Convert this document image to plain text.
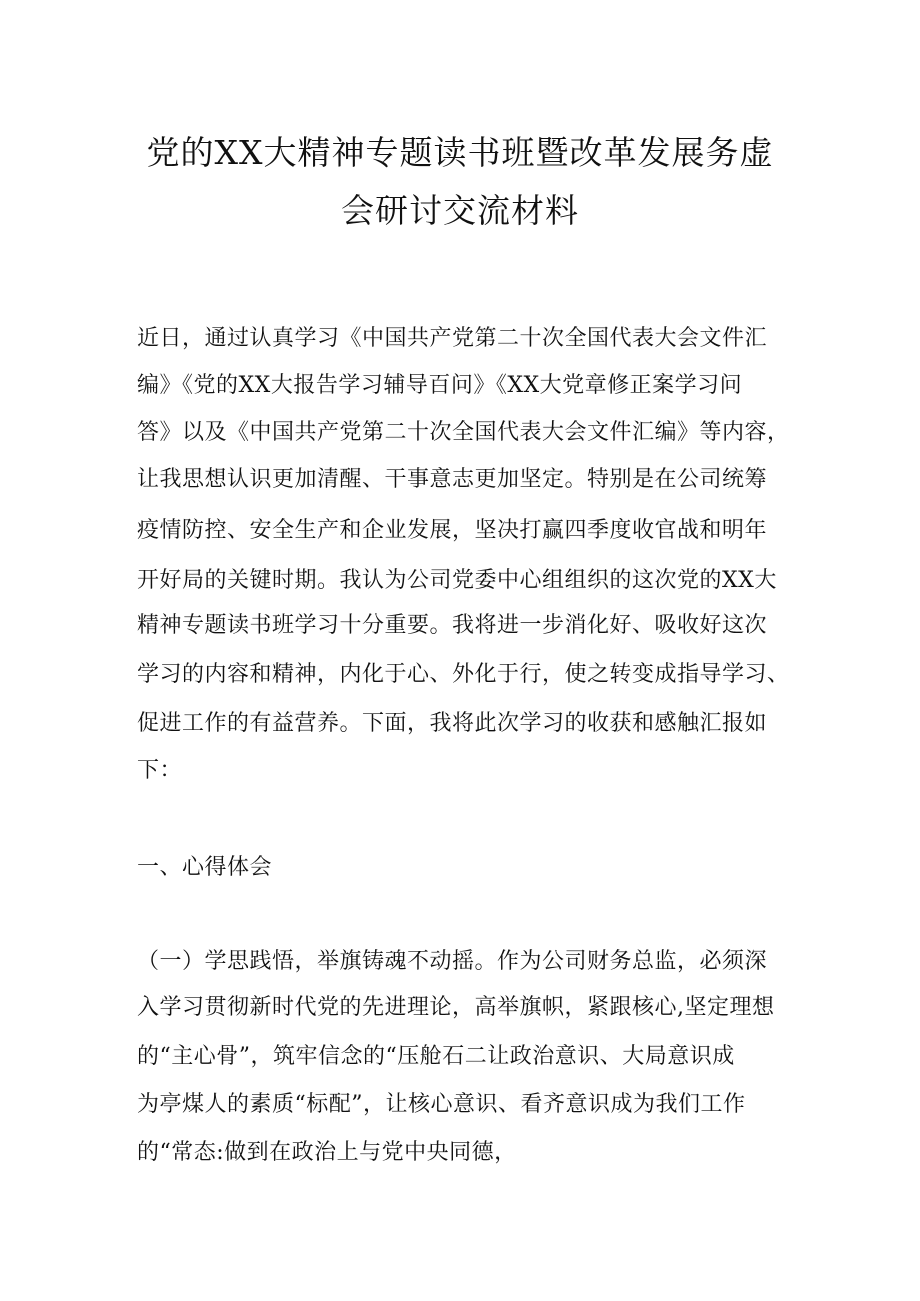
党的XX大精神专题读书班暨改革发展务虚
会研讨交流材料
近日，通过认真学习《中国共产党第二十次全国代表大会文件汇
编》《党的XX大报告学习辅导百问》《XX大党章修正案学习问
答》以及《中国共产党第二十次全国代表大会文件汇编》等内容，
让我思想认识更加清醒、干事意志更加坚定。特别是在公司统筹
疫情防控、安全生产和企业发展，坚决打赢四季度收官战和明年
开好局的关键时期。我认为公司党委中心组组织的这次党的XX大
精神专题读书班学习十分重要。我将进一步消化好、吸收好这次
学习的内容和精神，内化于心、外化于行，使之转变成指导学习、
促进工作的有益营养。下面，我将此次学习的收获和感触汇报如
下：
一、心得体会
（一）学思践悟，举旗铸魂不动摇。作为公司财务总监，必须深
入学习贯彻新时代党的先进理论，高举旗帜，紧跟核心,坚定理想
的“主心骨”，筑牢信念的“压舱石二让政治意识、大局意识成
为亭煤人的素质“标配”，让核心意识、看齐意识成为我们工作
的“常态:做到在政治上与党中央同德，
